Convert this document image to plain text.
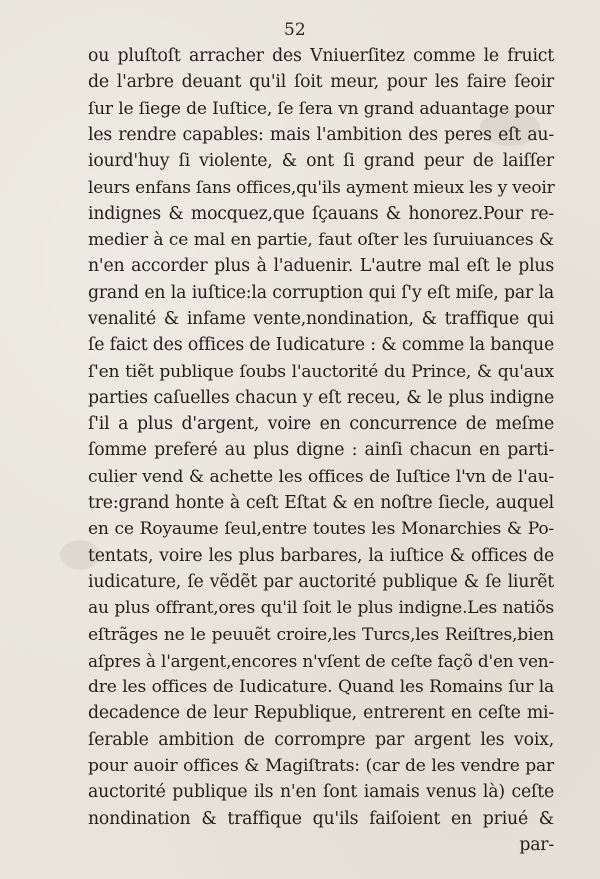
52
ou pluſtoſt arracher des Vniuerſitez comme le fruict
de l'arbre deuant qu'il ſoit meur, pour les faire ſeoir
ſur le ſiege de Iuſtice, ſe ſera vn grand aduantage pour
les rendre capables: mais l'ambition des peres eſt au-
iourd'huy ſi violente, & ont ſi grand peur de laiſſer
leurs enfans ſans offices,qu'ils ayment mieux les y veoir
indignes & mocquez,que ſçauans & honorez.Pour re-
medier à ce mal en partie, faut oſter les ſuruiuances &
n'en accorder plus à l'aduenir. L'autre mal eſt le plus
grand en la iuſtice:la corruption qui ſ'y eſt miſe, par la
venalité & infame vente,nondination, & traffique qui
ſe faict des offices de Iudicature : & comme la banque
ſ'en tiẽt publique ſoubs l'auctorité du Prince, & qu'aux
parties caſuelles chacun y eſt receu, & le plus indigne
ſ'il a plus d'argent, voire en concurrence de meſme
ſomme preferé au plus digne : ainſi chacun en parti-
culier vend & achette les offices de Iuſtice l'vn de l'au-
tre:grand honte à ceſt Eſtat & en noſtre ſiecle, auquel
en ce Royaume ſeul,entre toutes les Monarchies & Po-
tentats, voire les plus barbares, la iuſtice & offices de
iudicature, ſe vẽdẽt par auctorité publique & ſe liurẽt
au plus offrant,ores qu'il ſoit le plus indigne.Les natiõs
eſtrãges ne le peuuẽt croire,les Turcs,les Reiſtres,bien
aſpres à l'argent,encores n'vſent de ceſte façõ d'en ven-
dre les offices de Iudicature. Quand les Romains ſur la
decadence de leur Republique, entrerent en ceſte mi-
ſerable ambition de corrompre par argent les voix,
pour auoir offices & Magiſtrats: (car de les vendre par
auctorité publique ils n'en ſont iamais venus là) ceſte
nondination & traffique qu'ils faiſoient en priué &
par-
